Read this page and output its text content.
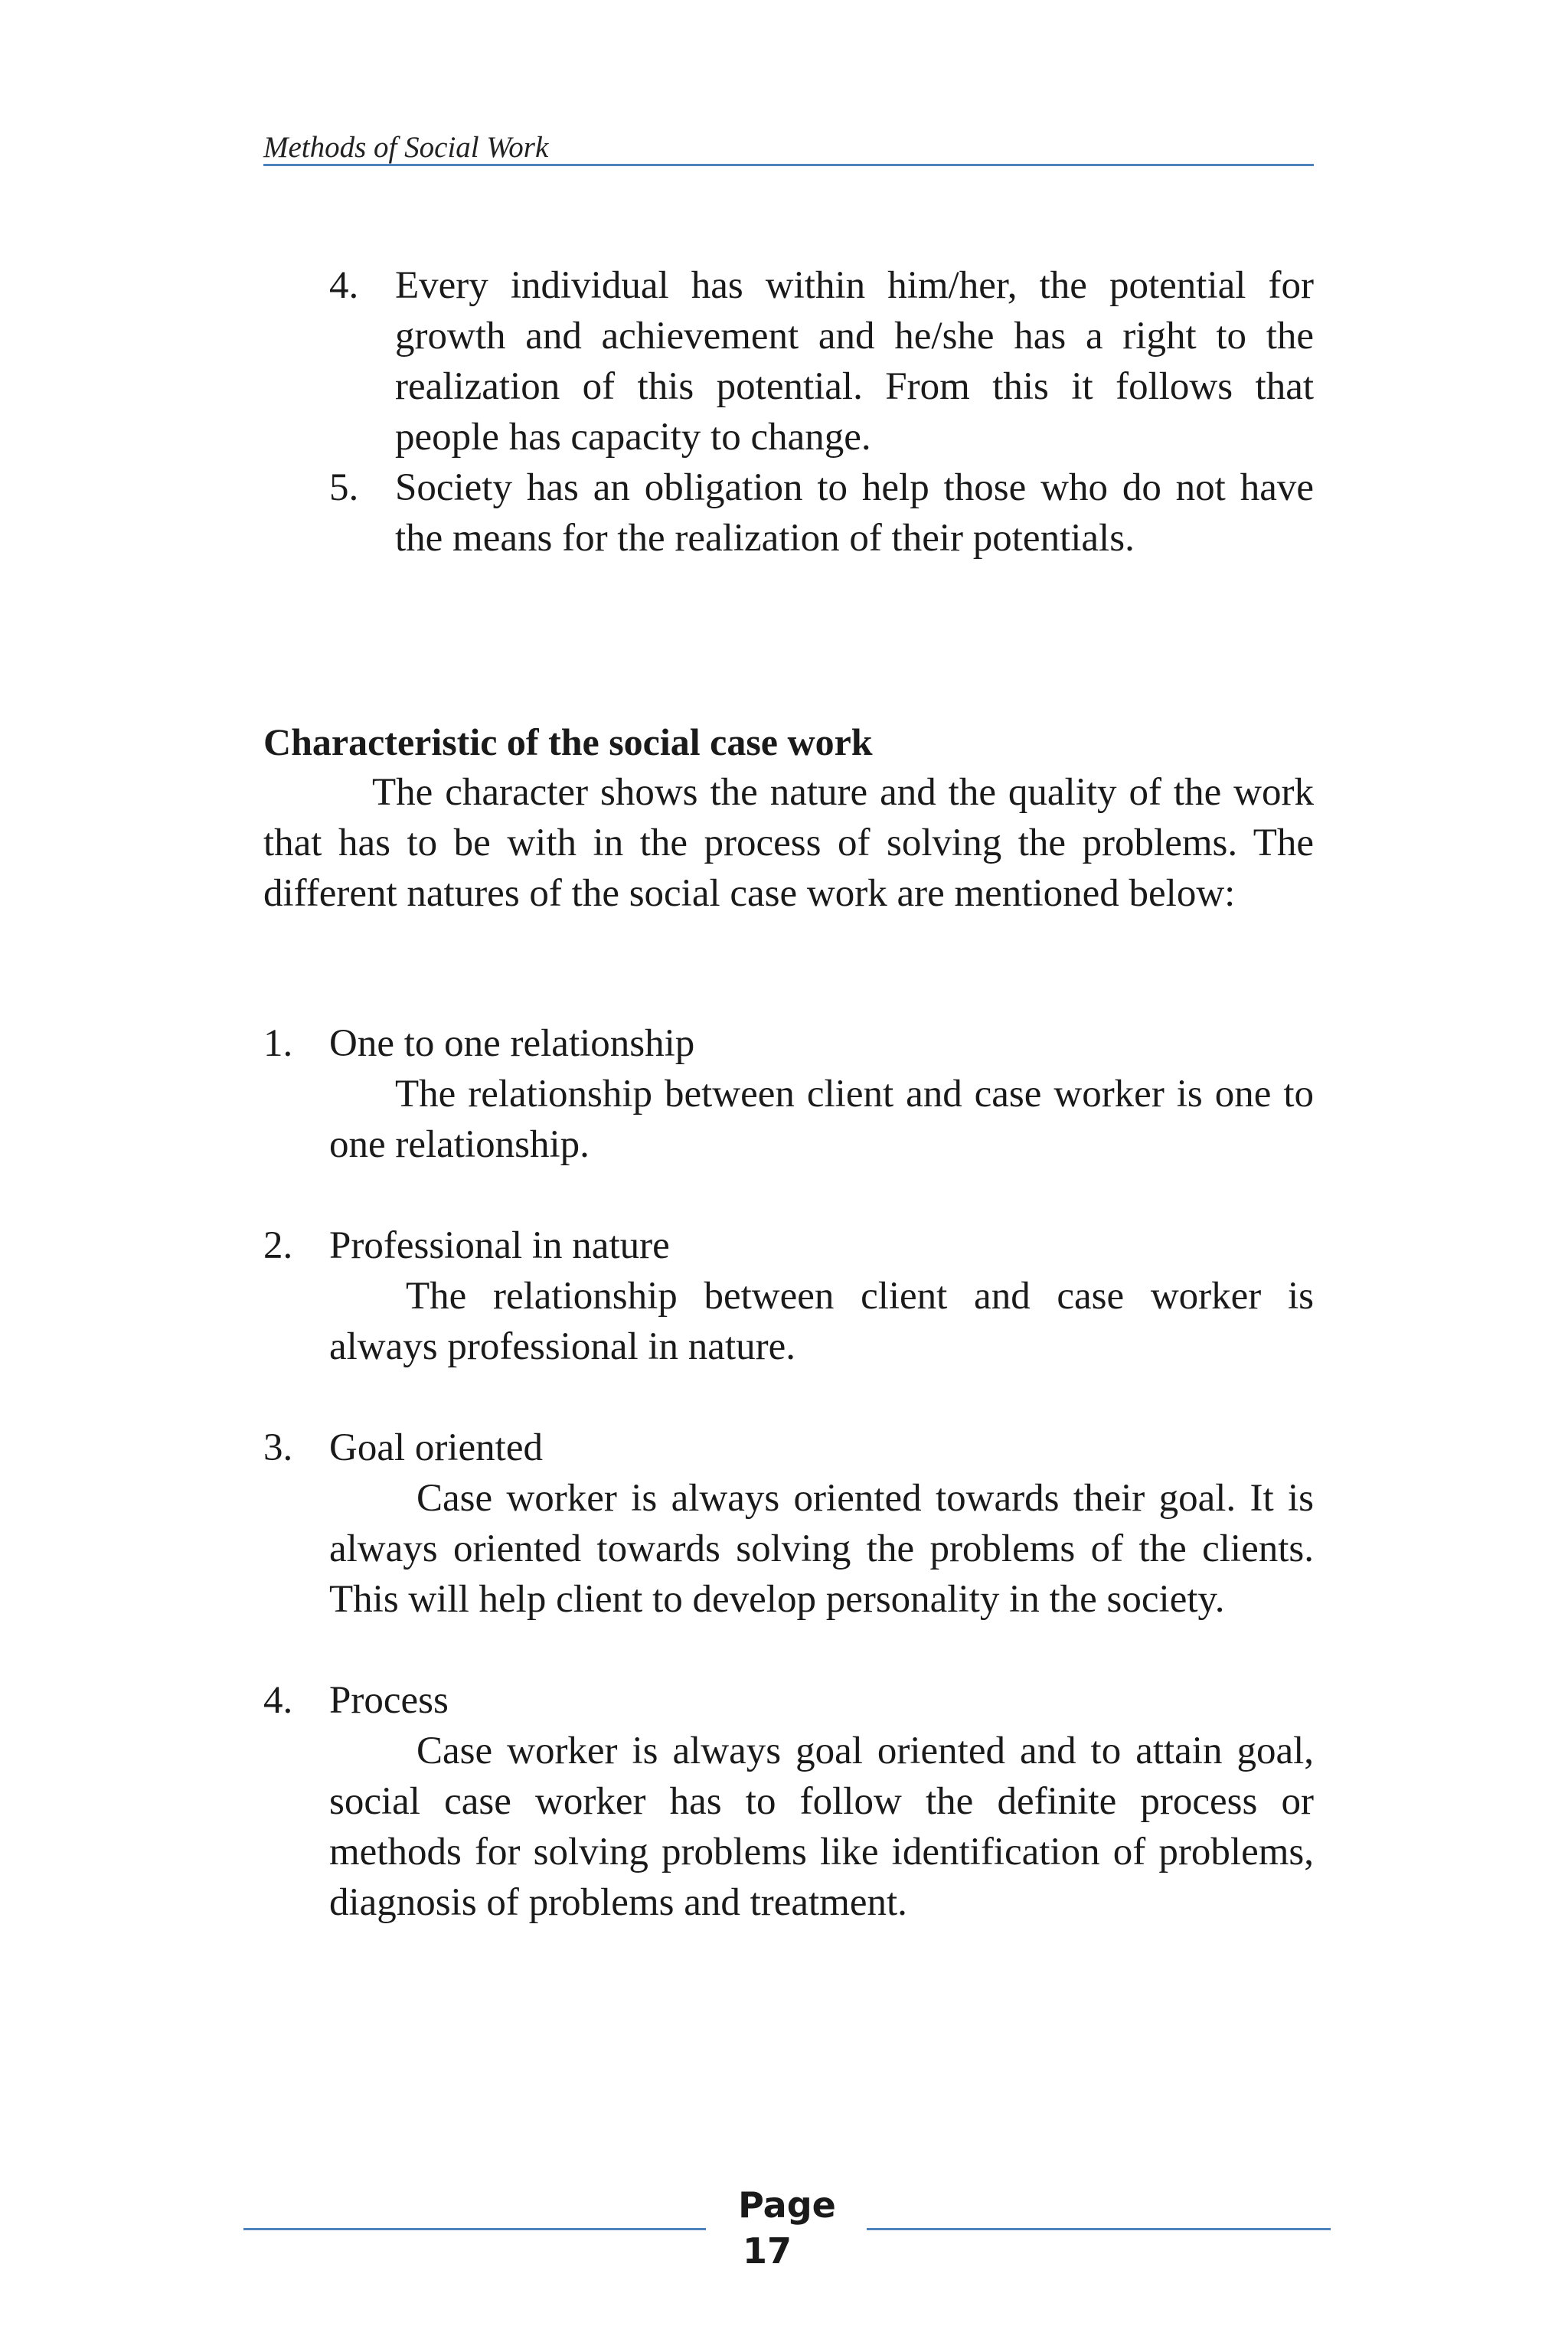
Methods of Social Work
4. Every individual has within him/her, the potential for growth and achievement and he/she has a right to the realization of this potential. From this it follows that people has capacity to change.
5. Society has an obligation to help those who do not have the means for the realization of their potentials.
Characteristic of the social case work
The character shows the nature and the quality of the work that has to be with in the process of solving the problems. The different natures of the social case work are mentioned below:
1. One to one relationship
The relationship between client and case worker is one to one relationship.
2. Professional in nature
The relationship between client and case worker is always professional in nature.
3. Goal oriented
Case worker is always oriented towards their goal. It is always oriented towards solving the problems of the clients. This will help client to develop personality in the society.
4. Process
Case worker is always goal oriented and to attain goal, social case worker has to follow the definite process or methods for solving problems like identification of problems, diagnosis of problems and treatment.
Page
17
